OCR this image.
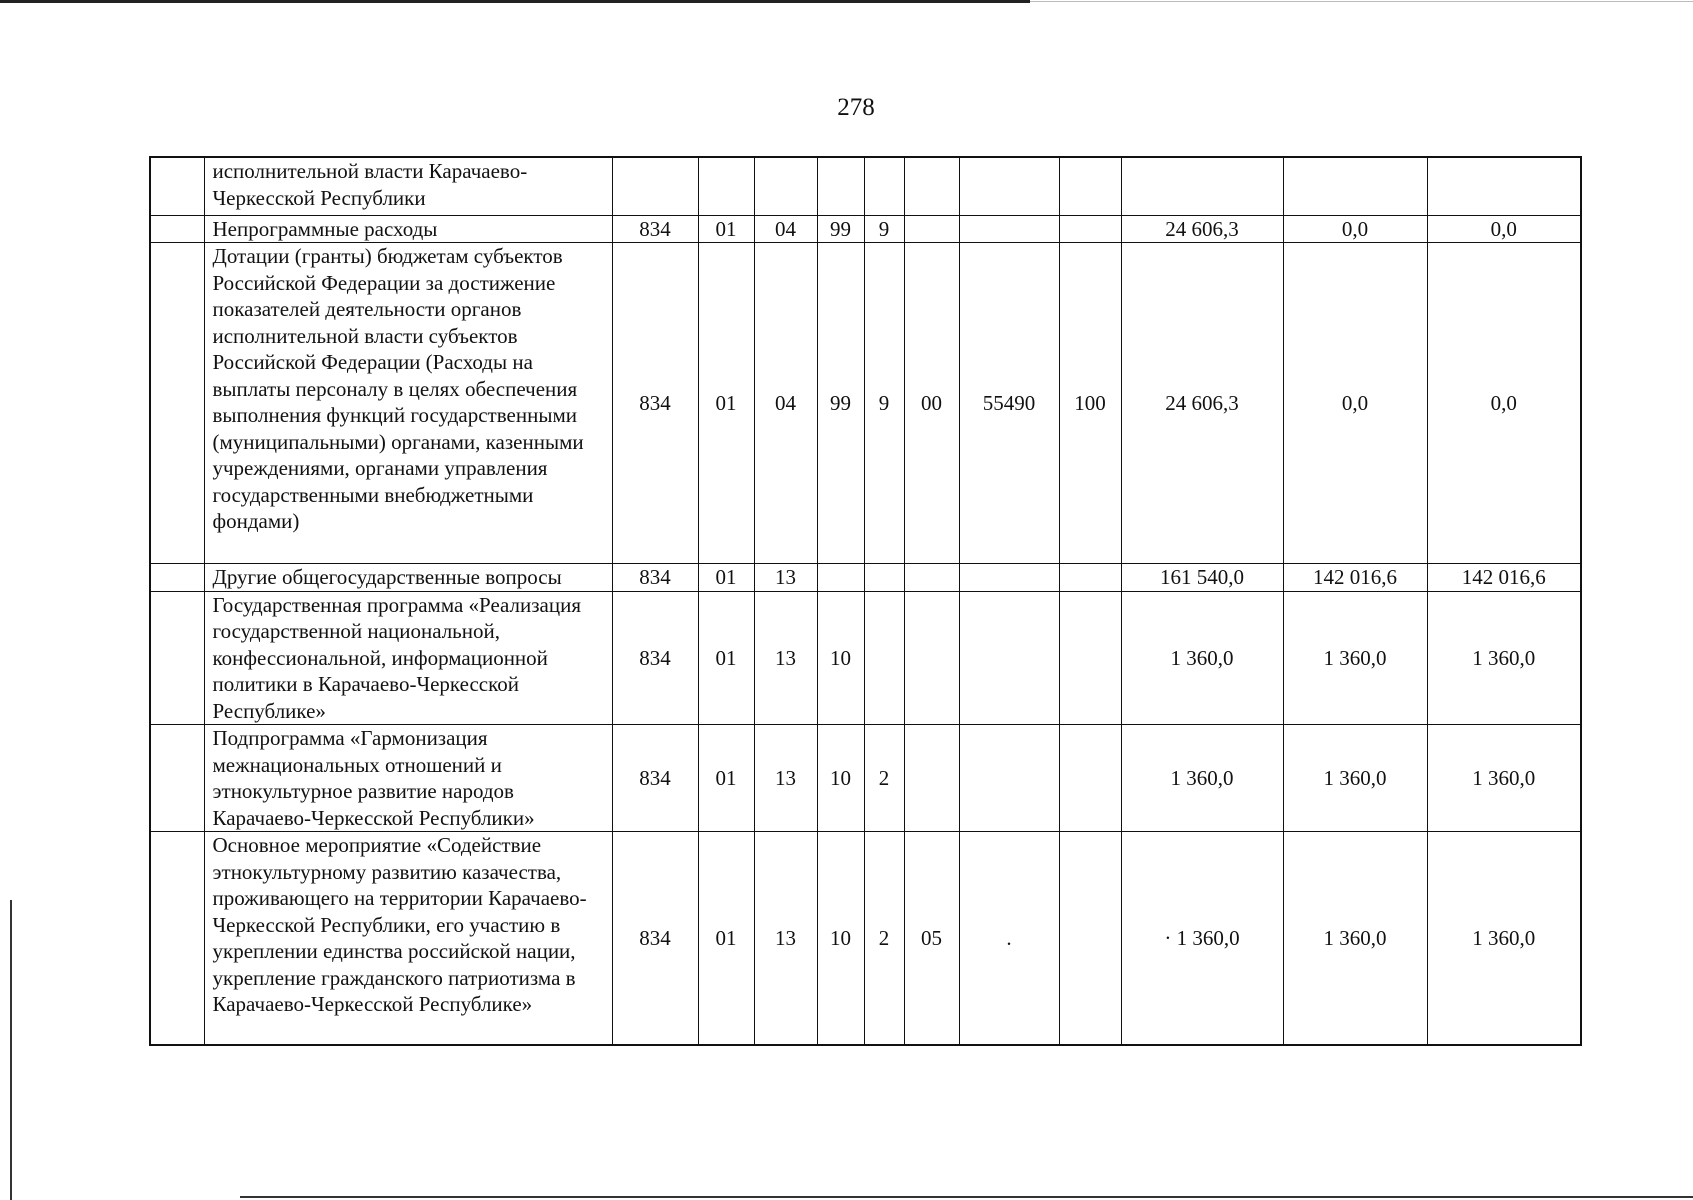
278
	исполнительной власти Карачаево-Черкесской Республики											
	Непрограммные расходы	834	01	04	99	9				24 606,3	0,0	0,0
	Дотации (гранты) бюджетам субъектов Российской Федерации за достижение показателей деятельности органов исполнительной власти субъектов Российской Федерации (Расходы на выплаты персоналу в целях обеспечения выполнения функций государственными (муниципальными) органами, казенными учреждениями, органами управления государственными внебюджетными фондами)	834	01	04	99	9	00	55490	100	24 606,3	0,0	0,0
	Другие общегосударственные вопросы	834	01	13						161 540,0	142 016,6	142 016,6
	Государственная программа «Реализация государственной национальной, конфессиональной, информационной политики в Карачаево-Черкесской Республике»	834	01	13	10					1 360,0	1 360,0	1 360,0
	Подпрограмма «Гармонизация межнациональных отношений и этнокультурное развитие народов Карачаево-Черкесской Республики»	834	01	13	10	2				1 360,0	1 360,0	1 360,0
	Основное мероприятие «Содействие этнокультурному развитию казачества, проживающего на территории Карачаево-Черкесской Республики, его участию в укреплении единства российской нации, укрепление гражданского патриотизма в Карачаево-Черкесской Республике»	834	01	13	10	2	05	.		· 1 360,0	1 360,0	1 360,0
